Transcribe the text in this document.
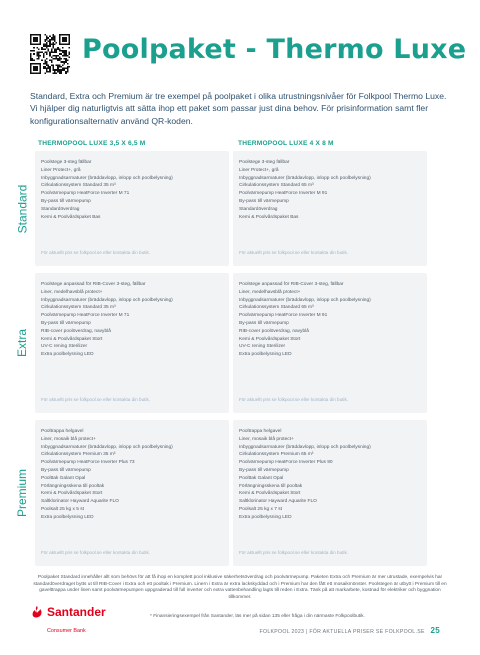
Poolpaket - Thermo Luxe
Standard, Extra och Premium är tre exempel på poolpaket i olika utrustningsnivåer för Folkpool Thermo Luxe. Vi hjälper dig naturligtvis att sätta ihop ett paket som passar just dina behov. För prisinformation samt fler konfigurationsalternativ använd QR-koden.
THERMOPOOL LUXE 3,5 X 6,5 M	THERMOPOOL LUXE 4 X 8 M
Standard
Poolstege 3-steg fällbar
Liner Protect+, grå
Inbyggnadsarmaturer (bräddavlopp, inlopp och poolbelysning)
Cirkulationssystem Standard 35 m³
Poolvärmepump HeatForce Inverter M 71
By-pass till värmepump
Standardöverdrag
Kemi & Poolvårdspaket Bas
För aktuellt pris se folkpool.se eller kontakta din butik.
Poolstege 3-steg fällbar
Liner Protect+, grå
Inbyggnadsarmaturer (bräddavlopp, inlopp och poolbelysning)
Cirkulationssystem Standard 65 m³
Poolvärmepump HeatForce Inverter M 91
By-pass till värmepump
Standardöverdrag
Kemi & Poolvårdspaket Bas
För aktuellt pris se folkpool.se eller kontakta din butik.
Extra
Poolstege anpassad för RIB-Cover 3-steg, fällbar
Liner, medelhavsblå protect+
Inbyggnadsarmaturer (bräddavlopp, inlopp och poolbelysning)
Cirkulationssystem Standard 35 m³
Poolvärmepump HeatForce Inverter M 71
By-pass till värmepump
RIB-cover poolöverdrag, navyblå
Kemi & Poolvårdspaket Stort
UV-C rening Sterilizer
Extra poolbelysning LED
För aktuellt pris se folkpool.se eller kontakta din butik.
Poolstege anpassad för RIB-Cover 3-steg, fällbar
Liner, medelhavsblå protect+
Inbyggnadsarmaturer (bräddavlopp, inlopp och poolbelysning)
Cirkulationssystem Standard 65 m³
Poolvärmepump HeatForce Inverter M 91
By-pass till värmepump
RIB-cover poolöverdrag, navyblå
Kemi & Poolvårdspaket Stort
UV-C rening Sterilizer
Extra poolbelysning LED
För aktuellt pris se folkpool.se eller kontakta din butik.
Premium
Pooltrappa helgavel
Liner, mosaik blå protect+
Inbyggnadsarmaturer (bräddavlopp, inlopp och poolbelysning)
Cirkulationssystem Premium 35 m³
Poolvärmepump HeatForce Inverter Plus 73
By-pass till värmepump
Poolttak Galant Opal
Förlängningsskena till pooltak
Kemi & Poolvårdspaket Stort
Saltklorinator Hayward Aquarite FLO
Poolsalt 25 kg x 5 st
Extra poolbelysning LED
För aktuellt pris se folkpool.se eller kontakta din butik.
Pooltrappa helgavel
Liner, mosaik blå protect+
Inbyggnadsarmaturer (bräddavlopp, inlopp och poolbelysning)
Cirkulationssystem Premium 65 m³
Poolvärmepump HeatForce Inverter Plus 90
By-pass till värmepump
Poolttak Galant Opal
Förlängningsskena till pooltak
Kemi & Poolvårdspaket Stort
Saltklorinator Hayward Aquarite FLO
Poolsalt 25 kg x 7 st
Extra poolbelysning LED
För aktuellt pris se folkpool.se eller kontakta din butik.
Poolpaket Standard innehåller allt som behövs för att få ihop en komplett pool inklusive säkerhetsöverdrag och poolvärmepump. Paketen Extra och Premium är mer utrustade, exempelvis har standardöverdraget bytts ut till RIB-Cover i Extra och ett pooltak i Premium. Linern i Extra är extra lackskyddad och i Premium har den fått ett mosaikmönster. Poolstegen är utbytt i Premium till en gavelttrappa under linen samt poolvärmepumpen uppgraderad till full inverter och extra vattenbehandling lagts till reden i Extra. Tänk på att markarbete, kostnad för elektriker och byggnation tillkommer.
Santander
Consumer Bank
* Finansieringsexempel från Santander, läs mer på sidan 135 eller fråga i din närmaste Folkpoolbutik.
FOLKPOOL 2023 | FÖR AKTUELLA PRISER SE FOLKPOOL.SE 25
